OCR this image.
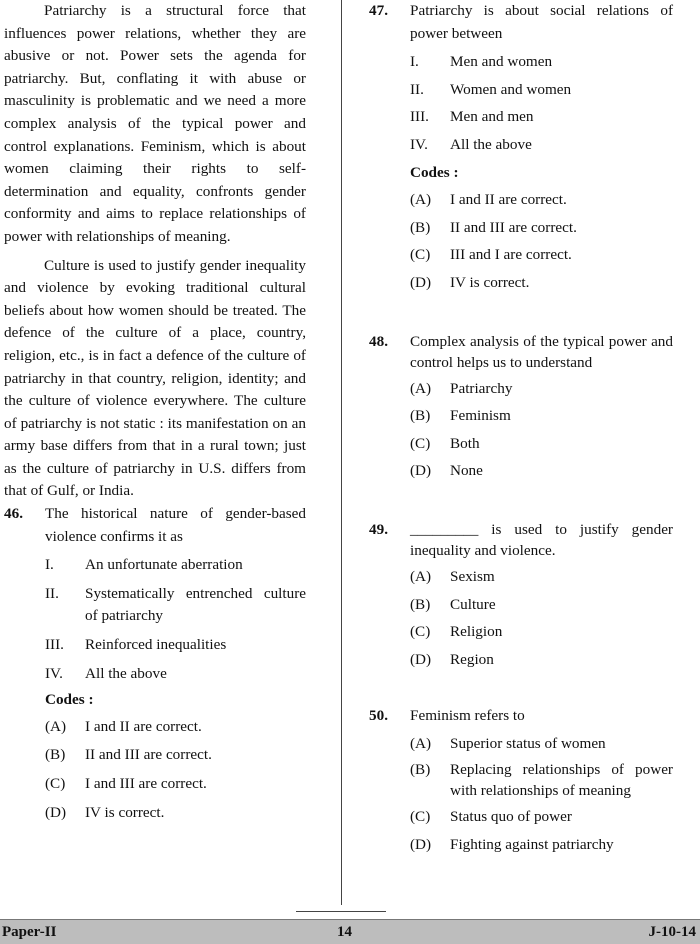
Patriarchy is a structural force that influences power relations, whether they are abusive or not. Power sets the agenda for patriarchy. But, conflating it with abuse or masculinity is problematic and we need a more complex analysis of the typical power and control explanations. Feminism, which is about women claiming their rights to self-determination and equality, confronts gender conformity and aims to replace relationships of power with relationships of meaning.

Culture is used to justify gender inequality and violence by evoking traditional cultural beliefs about how women should be treated. The defence of the culture of a place, country, religion, etc., is in fact a defence of the culture of patriarchy in that country, religion, identity; and the culture of violence everywhere. The culture of patriarchy is not static : its manifestation on an army base differs from that in a rural town; just as the culture of patriarchy in U.S. differs from that of Gulf, or India.

46. The historical nature of gender-based violence confirms it as
I.	An unfortunate aberration
II.	Systematically entrenched culture of patriarchy
III.	Reinforced inequalities
IV.	All the above
Codes :
(A)	I and II are correct.
(B)	II and III are correct.
(C)	I and III are correct.
(D)	IV is correct.
47. Patriarchy is about social relations of power between
I.	Men and women
II.	Women and women
III.	Men and men
IV.	All the above
Codes :
(A)	I and II are correct.
(B)	II and III are correct.
(C)	III and I are correct.
(D)	IV is correct.
48. Complex analysis of the typical power and control helps us to understand
(A)	Patriarchy
(B)	Feminism
(C)	Both
(D)	None
49. _________ is used to justify gender inequality and violence.
(A)	Sexism
(B)	Culture
(C)	Religion
(D)	Region
50. Feminism refers to
(A)	Superior status of women
(B)	Replacing relationships of power with relationships of meaning
(C)	Status quo of power
(D)	Fighting against patriarchy
Paper-II	14	J-10-14
